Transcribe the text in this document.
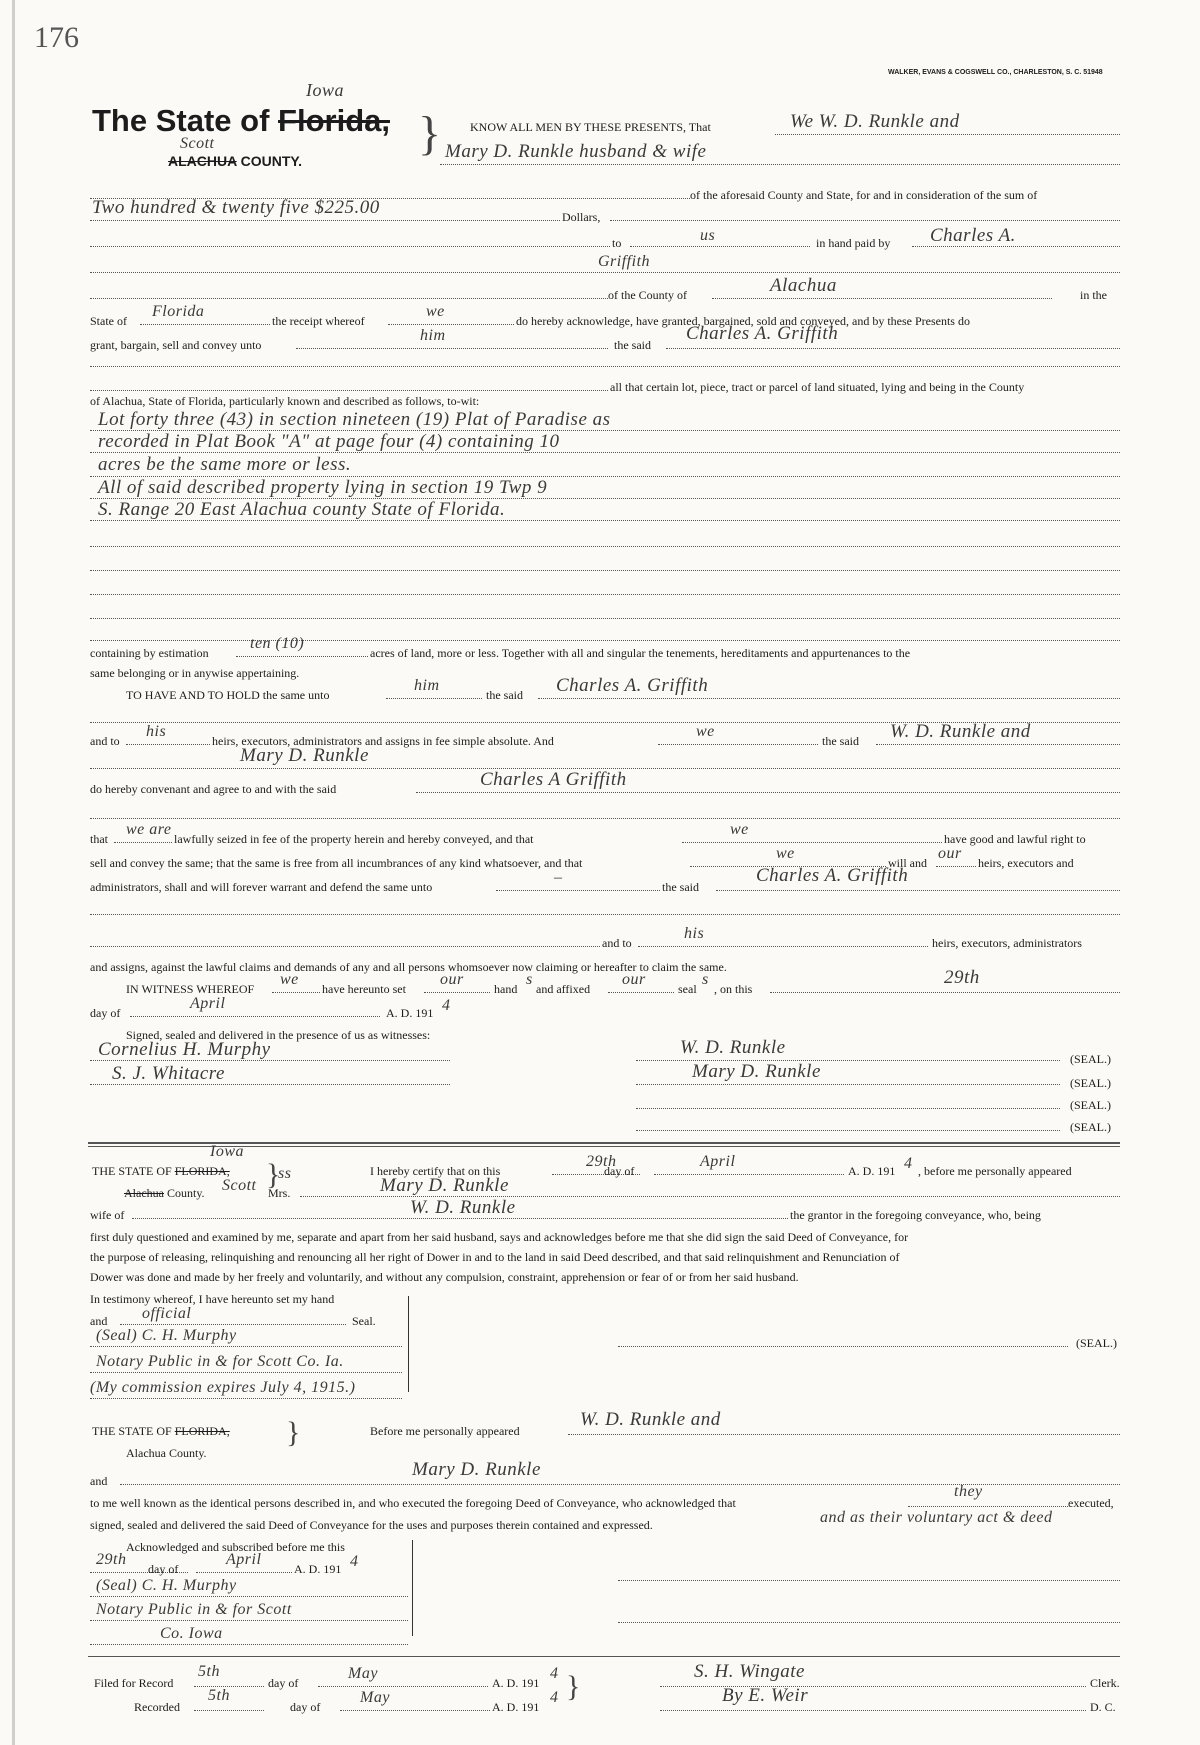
176
WALKER, EVANS & COGSWELL CO., CHARLESTON, S. C. 51948
The State of Florida,
Iowa
ALACHUA COUNTY.
Scott	} KNOW ALL MEN BY THESE PRESENTS, That	We W. D. Runkle and
Mary D. Runkle husband & wife
of the aforesaid County and State, for and in consideration of the sum of
Two hundred & twenty five $225.00	Dollars,
to	us	in hand paid by Charles A.
Griffith
of the County of	Alachua	in the
State of
Florida
the receipt whereof
we
do hereby acknowledge, have granted, bargained, sold and conveyed, and by these Presents do
grant, bargain, sell and convey unto
him
the said
Charles A. Griffith
all that certain lot, piece, tract or parcel of land situated, lying and being in the County
of Alachua, State of Florida, particularly known and described as follows, to-wit:
Lot forty three (43) in section nineteen (19) Plat of Paradise as
recorded in Plat Book "A" at page four (4) containing 10
acres be the same more or less.
All of said described property lying in section 19 Twp 9
S. Range 20 East Alachua county State of Florida.
containing by estimation
ten (10)
acres of land, more or less. Together with all and singular the tenements, hereditaments and appurtenances to the
same belonging or in anywise appertaining.
TO HAVE AND TO HOLD the same unto
him
the said Charles A. Griffith
and to
his
heirs, executors, administrators and assigns in fee simple absolute. And
we
the said W. D. Runkle and
Mary D. Runkle
do hereby convenant and agree to and with the said	Charles A Griffith
that
we are
lawfully seized in fee of the property herein and hereby conveyed, and that
we
have good and lawful right to
sell and convey the same; that the same is free from all incumbrances of any kind whatsoever, and that
we
will and
our
heirs, executors and
administrators, shall and will forever warrant and defend the same unto
–
the said
Charles A. Griffith
and to
his
heirs, executors, administrators
and assigns, against the lawful claims and demands of any and all persons whomsoever now claiming or hereafter to claim the same.
IN WITNESS WHEREOF
we
have hereunto set
our
hand
s
and affixed
our
seal
s
, on this
29th
day of
April
A. D. 191 4
Signed, sealed and delivered in the presence of us as witnesses:
Cornelius H. Murphy
S. J. Whitacre
W. D. Runkle
(SEAL.)
Mary D. Runkle
(SEAL.)
(SEAL.)
(SEAL.)
THE STATE OF FLORIDA,
Iowa
ss
}
Alachua County. Scott Mrs.
I hereby certify that on this
29th
day of
April
A. D. 191 4 , before me personally appeared
Mary D. Runkle
wife of	W. D. Runkle	the grantor in the foregoing conveyance, who, being
first duly questioned and examined by me, separate and apart from her said husband, says and acknowledges before me that she did sign the said Deed of Conveyance, for
the purpose of releasing, relinquishing and renouncing all her right of Dower in and to the land in said Deed described, and that said relinquishment and Renunciation of
Dower was done and made by her freely and voluntarily, and without any compulsion, constraint, apprehension or fear of or from her said husband.
In testimony whereof, I have hereunto set my hand
and official	Seal.
(Seal) C. H. Murphy
Notary Public in & for Scott Co. Ia.
(My commission expires July 4, 1915.)
(SEAL.)
THE STATE OF FLORIDA, }
Alachua County.
Before me personally appeared
W. D. Runkle and
and
Mary D. Runkle
to me well known as the identical persons described in, and who executed the foregoing Deed of Conveyance, who acknowledged that
they
executed,
signed, sealed and delivered the said Deed of Conveyance for the uses and purposes therein contained and expressed.	and as their voluntary act & deed
Acknowledged and subscribed before me this
29th
day of
April
A. D. 191 4
(Seal) C. H. Murphy
Notary Public in & for Scott
Co. Iowa
Filed for Record
5th
day of
May
A. D. 191
4 }
Recorded
5th
day of
May
A. D. 191
4
S. H. Wingate
Clerk.
By E. Weir
D. C.
